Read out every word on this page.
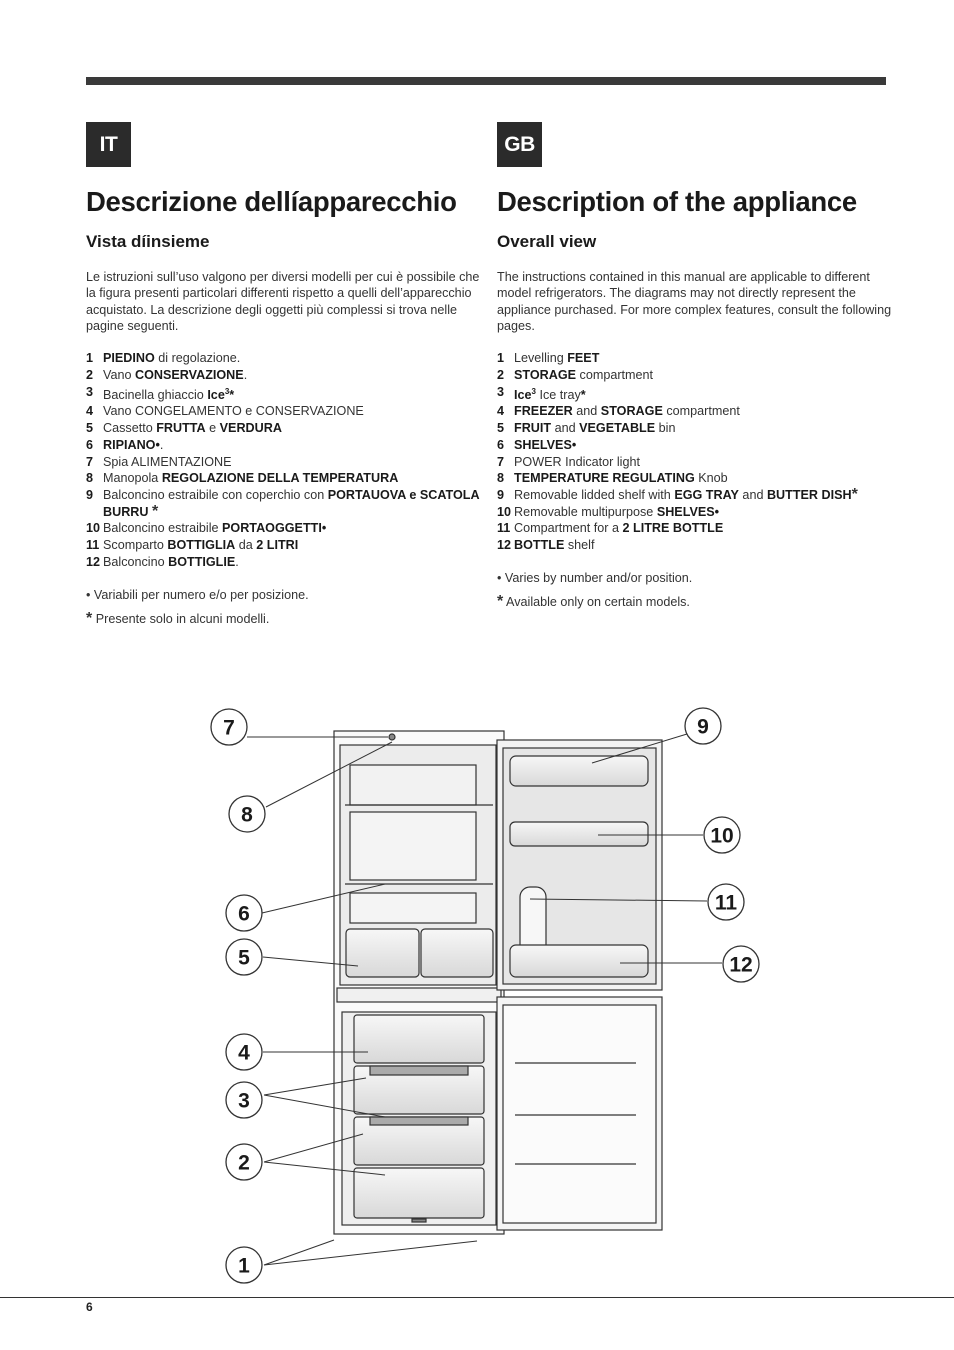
IT	GB
Descrizione dellíapparecchio
Vista díinsieme

Le istruzioni sull’uso valgono per diversi modelli per cui è possibile che la figura presenti particolari differenti rispetto a quelli dell’apparecchio acquistato. La descrizione degli oggetti più complessi si trova nelle pagine seguenti.

1 PIEDINO di regolazione.
2 Vano CONSERVAZIONE.
3 Bacinella ghiaccio Ice$^3$*
4 Vano CONGELAMENTO e CONSERVAZIONE
5 Cassetto FRUTTA e VERDURA
6 RIPIANO•.
7 Spia ALIMENTAZIONE
8 Manopola REGOLAZIONE DELLA TEMPERATURA
9 Balconcino estraibile con coperchio con PORTAUOVA e SCATOLA BURRU *
10 Balconcino estraibile PORTAOGGETTI•
11 Scomparto BOTTIGLIA da 2 LITRI
12 Balconcino BOTTIGLIE.
• Variabili per numero e/o per posizione.
* Presente solo in alcuni modelli.
Description of the appliance
Overall view

The instructions contained in this manual are applicable to different model refrigerators. The diagrams may not directly represent the appliance purchased. For more complex features, consult the following pages.

1 Levelling FEET
2 STORAGE compartment
3 Ice$^3$ Ice tray*
4 FREEZER and STORAGE compartment
5 FRUIT and VEGETABLE bin
6 SHELVES•
7 POWER Indicator light
8 TEMPERATURE REGULATING Knob
9 Removable lidded shelf with EGG TRAY and BUTTER DISH*
10 Removable multipurpose SHELVES•
11 Compartment for a 2 LITRE BOTTLE
12 BOTTLE shelf
• Varies by number and/or position.
* Available only on certain models.
7
8
6
5
4
3
2
1
9
10
11
12
6
